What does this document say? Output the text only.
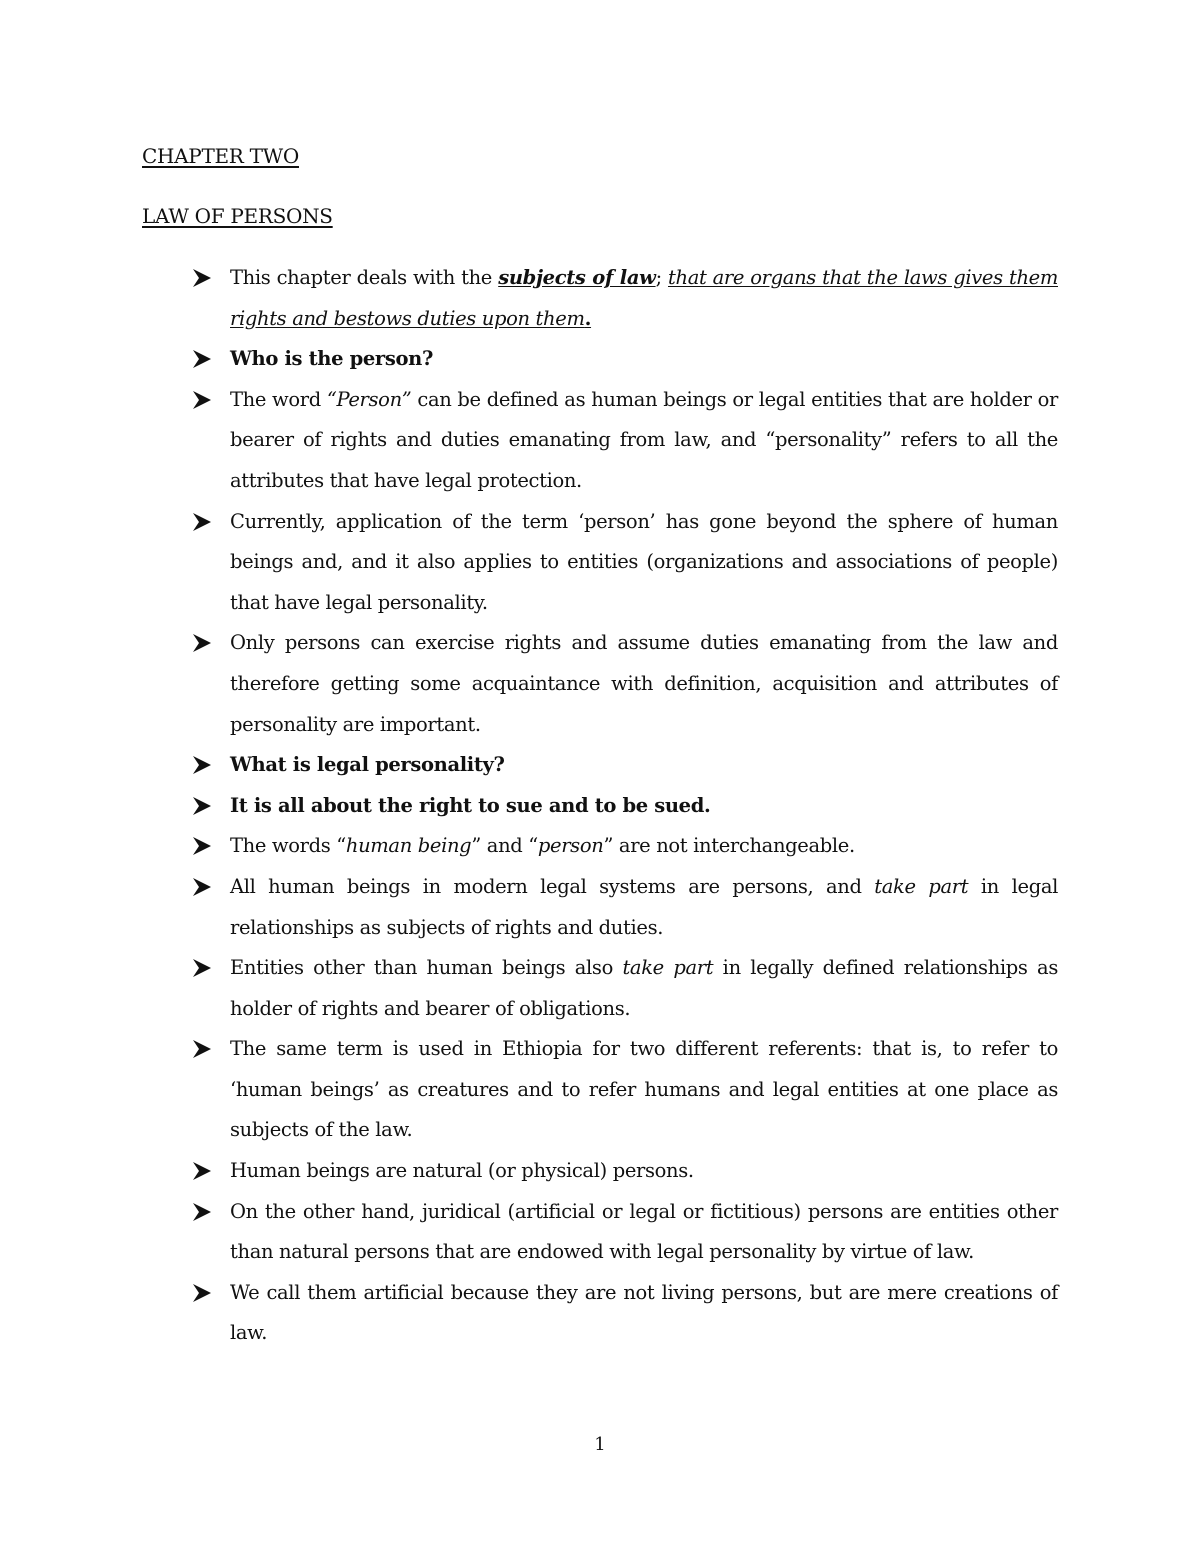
CHAPTER TWO
LAW OF PERSONS
This chapter deals with the subjects of law; that are organs that the laws gives them rights and bestows duties upon them.
Who is the person?
The word “Person” can be defined as human beings or legal entities that are holder or bearer of rights and duties emanating from law, and “personality” refers to all the attributes that have legal protection.
Currently, application of the term ‘person’ has gone beyond the sphere of human beings and, and it also applies to entities (organizations and associations of people) that have legal personality.
Only persons can exercise rights and assume duties emanating from the law and therefore getting some acquaintance with definition, acquisition and attributes of personality are important.
What is legal personality?
It is all about the right to sue and to be sued.
The words “human being” and “person” are not interchangeable.
All human beings in modern legal systems are persons, and take part in legal relationships as subjects of rights and duties.
Entities other than human beings also take part in legally defined relationships as holder of rights and bearer of obligations.
The same term is used in Ethiopia for two different referents: that is, to refer to ‘human beings’ as creatures and to refer humans and legal entities at one place as subjects of the law.
Human beings are natural (or physical) persons.
On the other hand, juridical (artificial or legal or fictitious) persons are entities other than natural persons that are endowed with legal personality by virtue of law.
We call them artificial because they are not living persons, but are mere creations of law.
1
